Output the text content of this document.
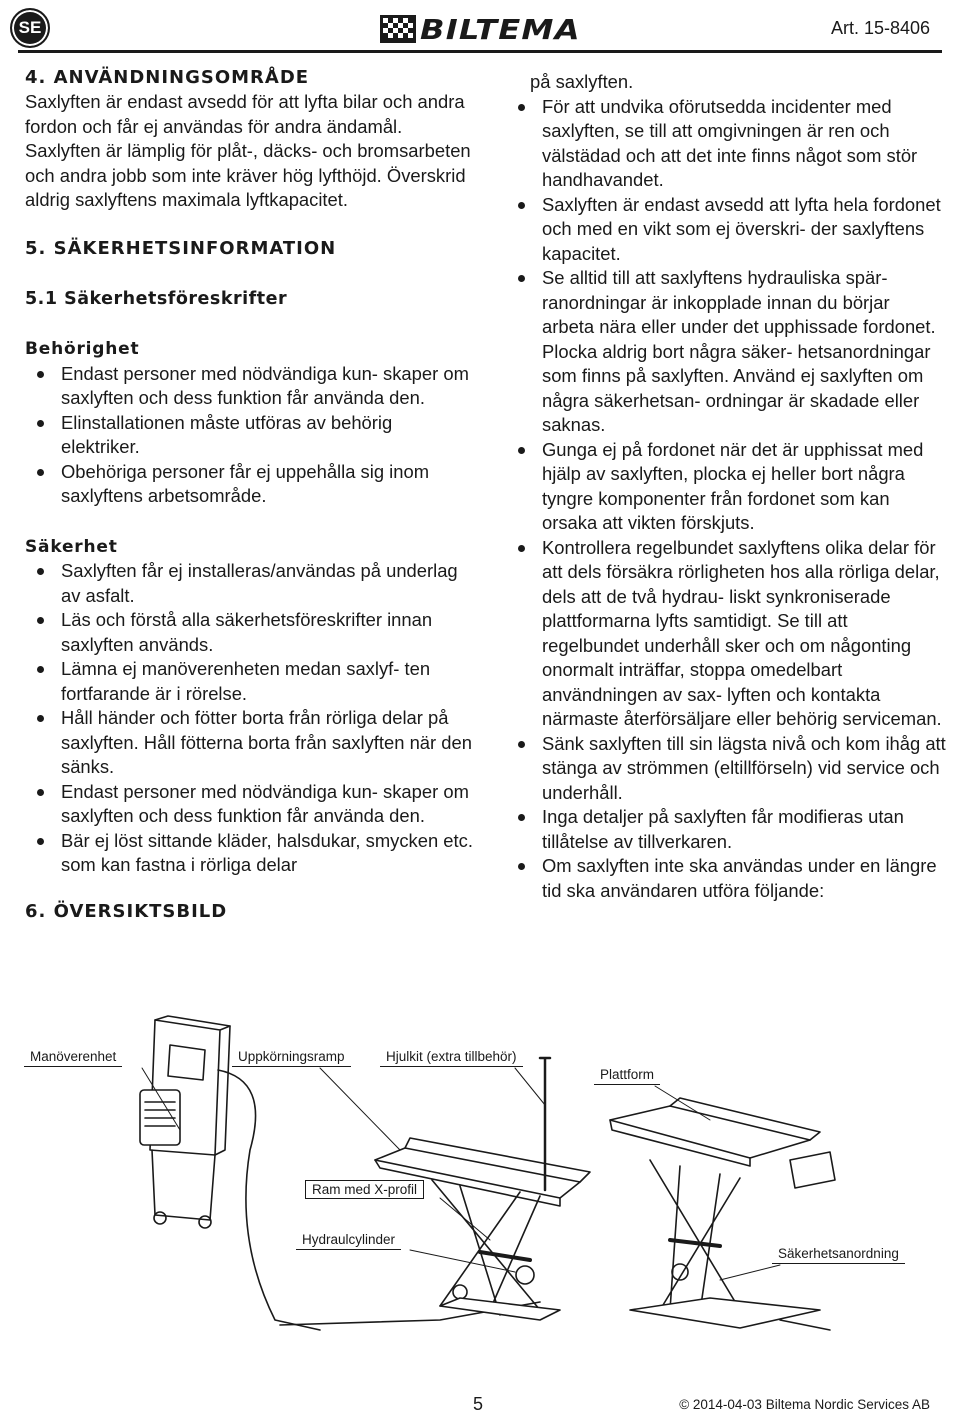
SE	BILTEMA	Art. 15-8406
4. ANVÄNDNINGSOMRÅDE

Saxlyften är endast avsedd för att lyfta bilar och andra fordon och får ej användas för andra ändamål. Saxlyften är lämplig för plåt-, däcks- och bromsarbeten och andra jobb som inte kräver hög lyfthöjd. Överskrid aldrig saxlyftens maximala lyftkapacitet.

5. SÄKERHETSINFORMATION
5.1 Säkerhetsföreskrifter
Behörighet
Endast personer med nödvändiga kun- skaper om saxlyften och dess funktion får använda den.
Elinstallationen måste utföras av behörig elektriker.
Obehöriga personer får ej uppehålla sig inom saxlyftens arbetsområde.
Säkerhet
Saxlyften får ej installeras/användas på underlag av asfalt.
Läs och förstå alla säkerhetsföreskrifter innan saxlyften används.
Lämna ej manöverenheten medan saxlyf- ten fortfarande är i rörelse.
Håll händer och fötter borta från rörliga delar på saxlyften. Håll fötterna borta från saxlyften när den sänks.
Endast personer med nödvändiga kun- skaper om saxlyften och dess funktion får använda den.
Bär ej löst sittande kläder, halsdukar, smycken etc. som kan fastna i rörliga delar
6. ÖVERSIKTSBILD

på saxlyften.

För att undvika oförutsedda incidenter med saxlyften, se till att omgivningen är ren och välstädad och att det inte finns något som stör handhavandet.
Saxlyften är endast avsedd att lyfta hela fordonet och med en vikt som ej överskri- der saxlyftens kapacitet.
Se alltid till att saxlyftens hydrauliska spär- ranordningar är inkopplade innan du börjar arbeta nära eller under det upphissade fordonet. Plocka aldrig bort några säker- hetsanordningar som finns på saxlyften. Använd ej saxlyften om några säkerhetsan- ordningar är skadade eller saknas.
Gunga ej på fordonet när det är upphissat med hjälp av saxlyften, plocka ej heller bort några tyngre komponenter från fordonet som kan orsaka att vikten förskjuts.
Kontrollera regelbundet saxlyftens olika delar för att dels försäkra rörligheten hos alla rörliga delar, dels att de två hydrau- liskt synkroniserade plattformarna lyfts samtidigt. Se till att regelbundet underhåll sker och om någonting onormalt inträffar, stoppa omedelbart användningen av sax- lyften och kontakta närmaste återförsäljare eller behörig serviceman.
Sänk saxlyften till sin lägsta nivå och kom ihåg att stänga av strömmen (eltillförseln) vid service och underhåll.
Inga detaljer på saxlyften får modifieras utan tillåtelse av tillverkaren.
Om saxlyften inte ska användas under en längre tid ska användaren utföra följande:
Manöverenhet	Uppkörningsramp	Hjulkit (extra tillbehör)
Plattform
Ram med X-profil
Hydraulcylinder
Säkerhetsanordning
5	© 2014-04-03 Biltema Nordic Services AB
